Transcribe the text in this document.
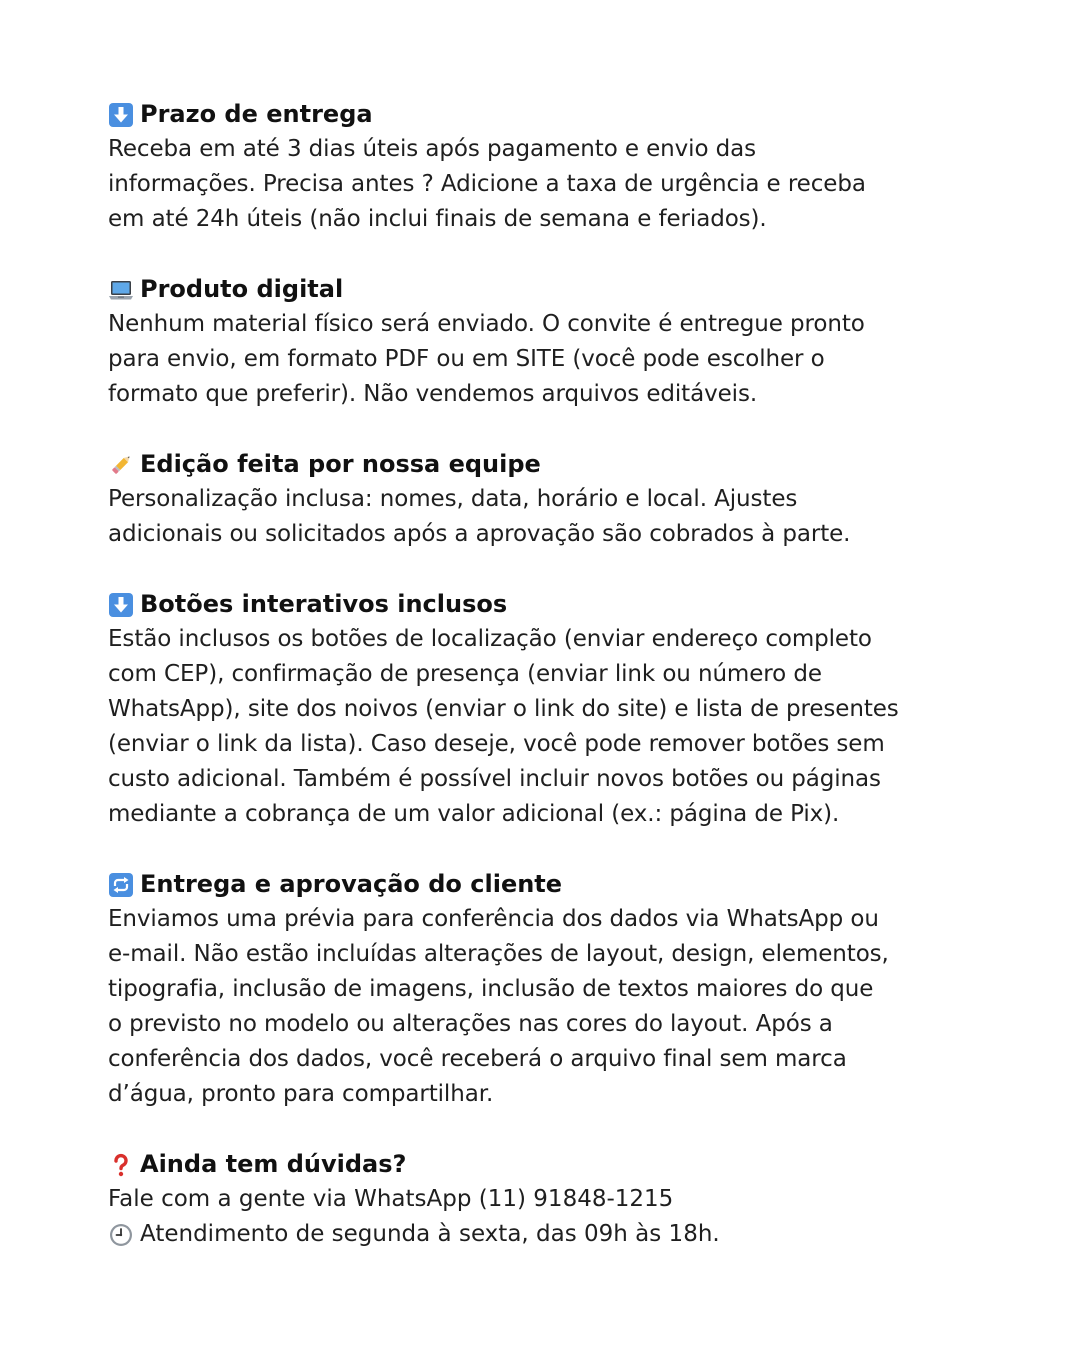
Prazo de entrega
Receba em até 3 dias úteis após pagamento e envio das
informações. Precisa antes ? Adicione a taxa de urgência e receba
em até 24h úteis (não inclui finais de semana e feriados).
Produto digital
Nenhum material físico será enviado. O convite é entregue pronto
para envio, em formato PDF ou em SITE (você pode escolher o
formato que preferir). Não vendemos arquivos editáveis.
Edição feita por nossa equipe
Personalização inclusa: nomes, data, horário e local. Ajustes
adicionais ou solicitados após a aprovação são cobrados à parte.
Botões interativos inclusos
Estão inclusos os botões de localização (enviar endereço completo
com CEP), confirmação de presença (enviar link ou número de
WhatsApp), site dos noivos (enviar o link do site) e lista de presentes
(enviar o link da lista). Caso deseje, você pode remover botões sem
custo adicional. Também é possível incluir novos botões ou páginas
mediante a cobrança de um valor adicional (ex.: página de Pix).
Entrega e aprovação do cliente
Enviamos uma prévia para conferência dos dados via WhatsApp ou
e-mail. Não estão incluídas alterações de layout, design, elementos,
tipografia, inclusão de imagens, inclusão de textos maiores do que
o previsto no modelo ou alterações nas cores do layout. Após a
conferência dos dados, você receberá o arquivo final sem marca
d’água, pronto para compartilhar.
Ainda tem dúvidas?
Fale com a gente via WhatsApp (11) 91848-1215
Atendimento de segunda à sexta, das 09h às 18h.
